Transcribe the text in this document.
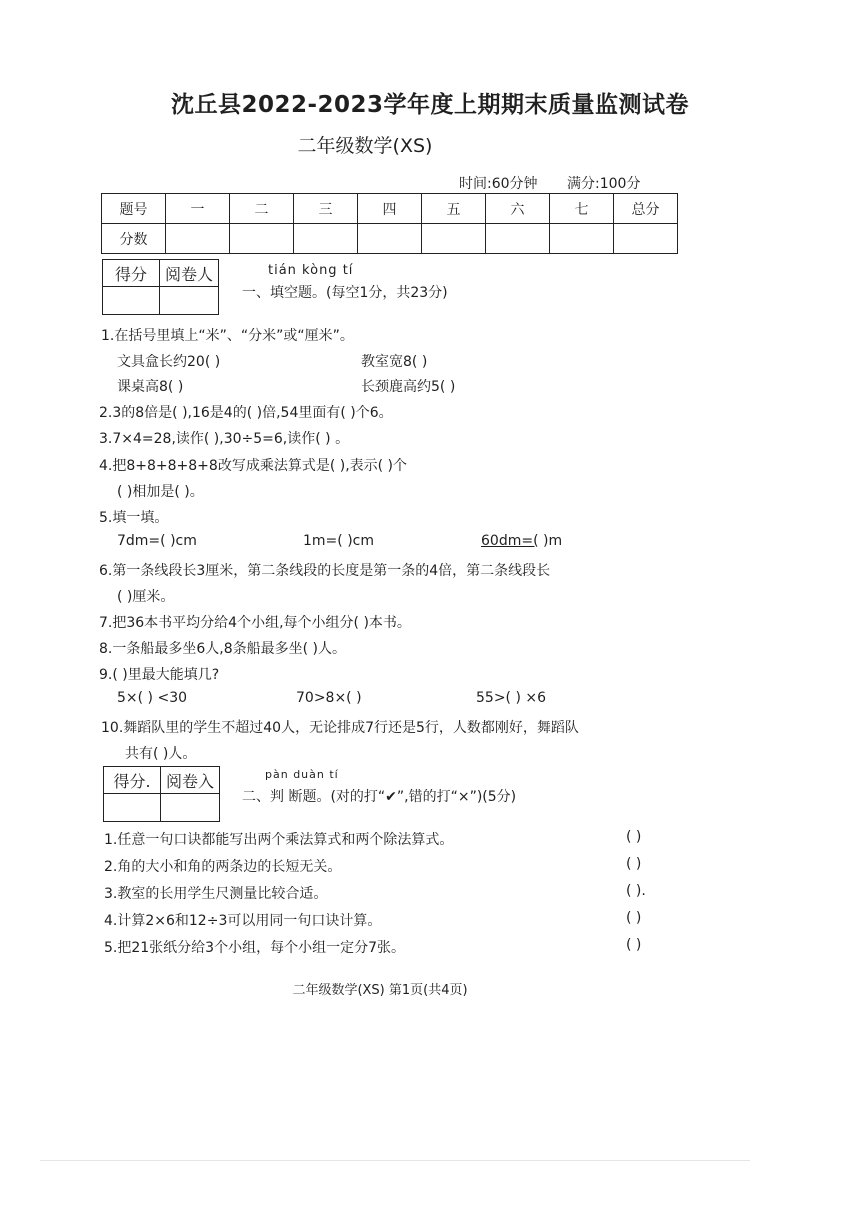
沈丘县2022-2023学年度上期期末质量监测试卷
二年级数学(XS)
时间:60分钟 满分:100分
题号	一	二	三	四	五	六	七	总分
分数								
得分	阅卷人
		tián kòng tí
一、填空题。(每空1分，共23分)
1.在括号里填上“米”、“分米”或“厘米”。
文具盒长约20( )	教室宽8( )
课桌高8( )	长颈鹿高约5( )
2.3的8倍是( ),16是4的( )倍,54里面有( )个6。
3.7×4=28,读作( ),30÷5=6,读作( ) 。
4.把8+8+8+8+8改写成乘法算式是( ),表示( )个
( )相加是( )。
5.填一填。
7dm=( )cm	1m=( )cm	60dm=( )m
6.第一条线段长3厘米，第二条线段的长度是第一条的4倍，第二条线段长
( )厘米。
7.把36本书平均分给4个小组,每个小组分( )本书。
8.一条船最多坐6人,8条船最多坐( )人。
9.( )里最大能填几?
5×( ) <30	70>8×( )	55>( ) ×6
10.舞蹈队里的学生不超过40人，无论排成7行还是5行，人数都刚好，舞蹈队
共有( )人。
得分.	阅卷入
		pàn duàn tí
二、判 断题。(对的打“✔”,错的打“×”)(5分)
1.任意一句口诀都能写出两个乘法算式和两个除法算式。	( )
2.角的大小和角的两条边的长短无关。	( )
3.教室的长用学生尺测量比较合适。	( ).
4.计算2×6和12÷3可以用同一句口诀计算。	( )
5.把21张纸分给3个小组，每个小组一定分7张。	( )
二年级数学(XS) 第1页(共4页)
